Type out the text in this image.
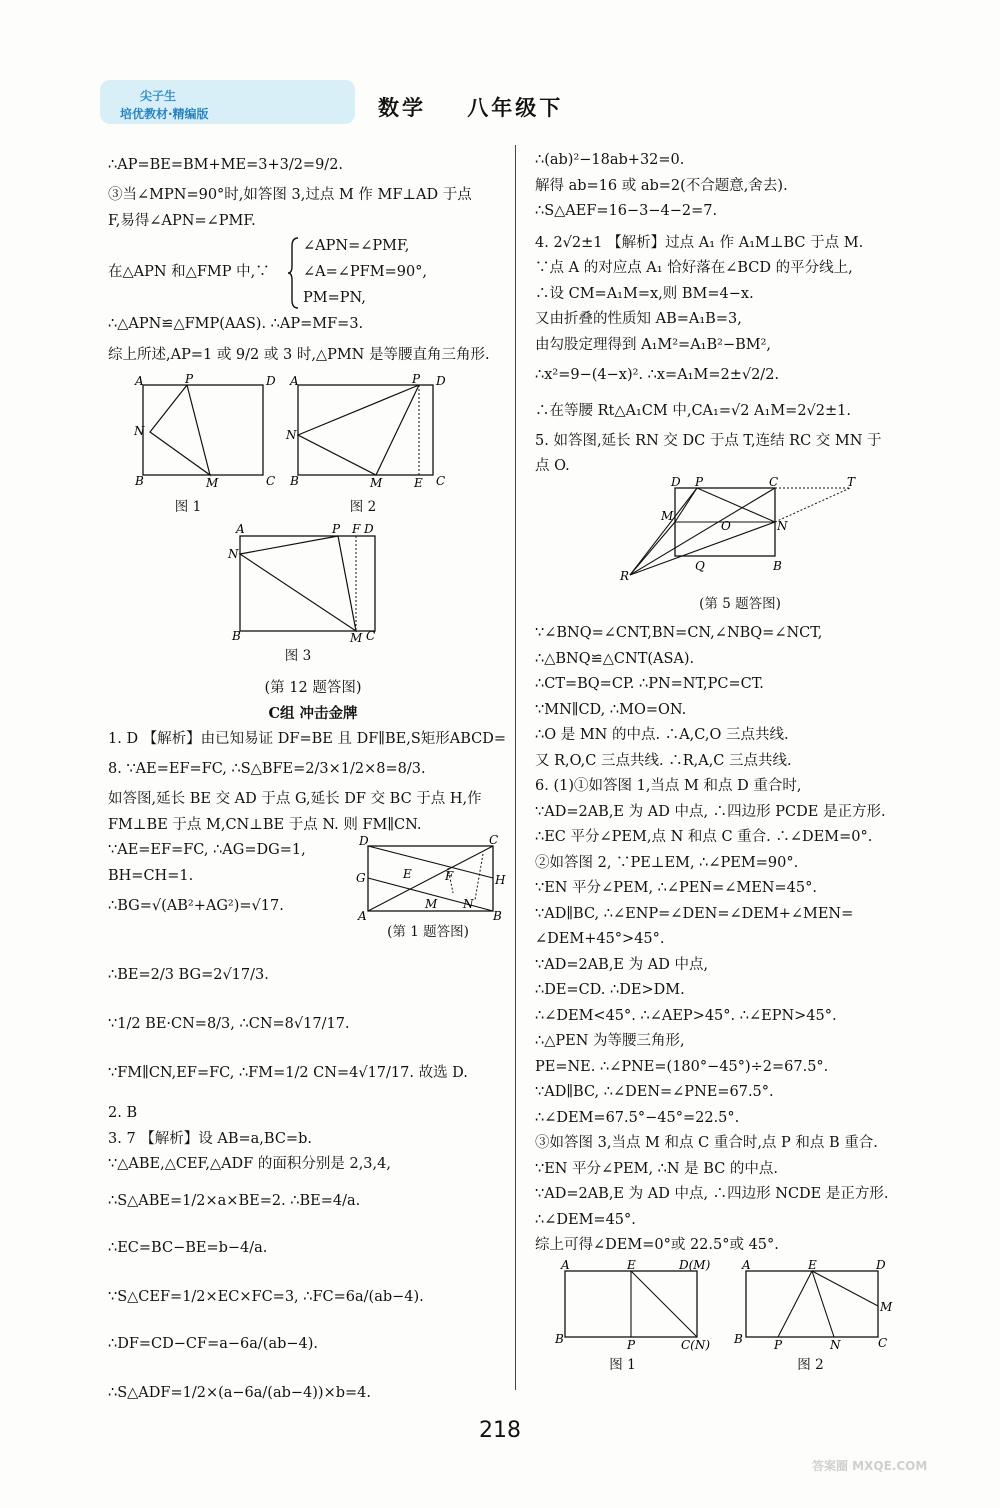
尖子生
培优教材·精编版	数学    八年级下
∴AP=BE=BM+ME=3+3/2=9/2.
③当∠MPN=90°时,如答图 3,过点 M 作 MF⊥AD 于点
F,易得∠APN=∠PMF.
在△APN 和△FMP 中,∵
∠APN=∠PMF,
∠A=∠PFM=90°,
PM=PN,
∴△APN≌△FMP(AAS). ∴AP=MF=3.
综上所述,AP=1 或 9/2 或 3 时,△PMN 是等腰直角三角形.
A	P	D
N
B	M	C
图 1
A	P D
N
B	M	E C
图 2
A	P F D
N
B	M C
图 3
(第 12 题答图)
C组 冲击金牌
1. D 【解析】由已知易证 DF=BE 且 DF∥BE,S矩形ABCD=
8. ∵AE=EF=FC, ∴S△BFE=2/3×1/2×8=8/3.
如答图,延长 BE 交 AD 于点 G,延长 DF 交 BC 于点 H,作
FM⊥BE 于点 M,CN⊥BE 于点 N. 则 FM∥CN.
∵AE=EF=FC, ∴AG=DG=1,
BH=CH=1.
∴BG=√(AB²+AG²)=√17.
D	C
G	H
E	F
M N
A	B
(第 1 题答图)
∴BE=2/3 BG=2√17/3.
∵1/2 BE·CN=8/3, ∴CN=8√17/17.
∵FM∥CN,EF=FC, ∴FM=1/2 CN=4√17/17. 故选 D.
2. B
3. 7 【解析】设 AB=a,BC=b.
∵△ABE,△CEF,△ADF 的面积分别是 2,3,4,
∴S△ABE=1/2×a×BE=2. ∴BE=4/a.
∴EC=BC−BE=b−4/a.
∵S△CEF=1/2×EC×FC=3, ∴FC=6a/(ab−4).
∴DF=CD−CF=a−6a/(ab−4).
∴S△ADF=1/2×(a−6a/(ab−4))×b=4.
∴(ab)²−18ab+32=0.
解得 ab=16 或 ab=2(不合题意,舍去).
∴S△AEF=16−3−4−2=7.
4. 2√2±1 【解析】过点 A₁ 作 A₁M⊥BC 于点 M.
∵点 A 的对应点 A₁ 恰好落在∠BCD 的平分线上,
∴设 CM=A₁M=x,则 BM=4−x.
又由折叠的性质知 AB=A₁B=3,
由勾股定理得到 A₁M²=A₁B²−BM²,
∴x²=9−(4−x)². ∴x=A₁M=2±√2/2.
∴在等腰 Rt△A₁CM 中,CA₁=√2 A₁M=2√2±1.
5. 如答图,延长 RN 交 DC 于点 T,连结 RC 交 MN 于
点 O.
D P	C	T
M
O	N
R
Q	B
(第 5 题答图)
∵∠BNQ=∠CNT,BN=CN,∠NBQ=∠NCT,
∴△BNQ≌△CNT(ASA).
∴CT=BQ=CP. ∴PN=NT,PC=CT.
∵MN∥CD, ∴MO=ON.
∴O 是 MN 的中点. ∴A,C,O 三点共线.
又 R,O,C 三点共线. ∴R,A,C 三点共线.
6. (1)①如答图 1,当点 M 和点 D 重合时,
∵AD=2AB,E 为 AD 中点, ∴四边形 PCDE 是正方形.
∴EC 平分∠PEM,点 N 和点 C 重合. ∴∠DEM=0°.
②如答图 2, ∵PE⊥EM, ∴∠PEM=90°.
∵EN 平分∠PEM, ∴∠PEN=∠MEN=45°.
∵AD∥BC, ∴∠ENP=∠DEN=∠DEM+∠MEN=
∠DEM+45°>45°.
∵AD=2AB,E 为 AD 中点,
∴DE=CD. ∴DE>DM.
∴∠DEM<45°. ∴∠AEP>45°. ∴∠EPN>45°.
∴△PEN 为等腰三角形,
PE=NE. ∴∠PNE=(180°−45°)÷2=67.5°.
∵AD∥BC, ∴∠DEN=∠PNE=67.5°.
∴∠DEM=67.5°−45°=22.5°.
③如答图 3,当点 M 和点 C 重合时,点 P 和点 B 重合.
∵EN 平分∠PEM, ∴N 是 BC 的中点.
∵AD=2AB,E 为 AD 中点, ∴四边形 NCDE 是正方形.
∴∠DEM=45°.
综上可得∠DEM=0°或 22.5°或 45°.
A	E	D(M)
B	P	C(N)
图 1
A	E	D
M
B	P	N	C
图 2
218
答案圈 MXQE.COM
